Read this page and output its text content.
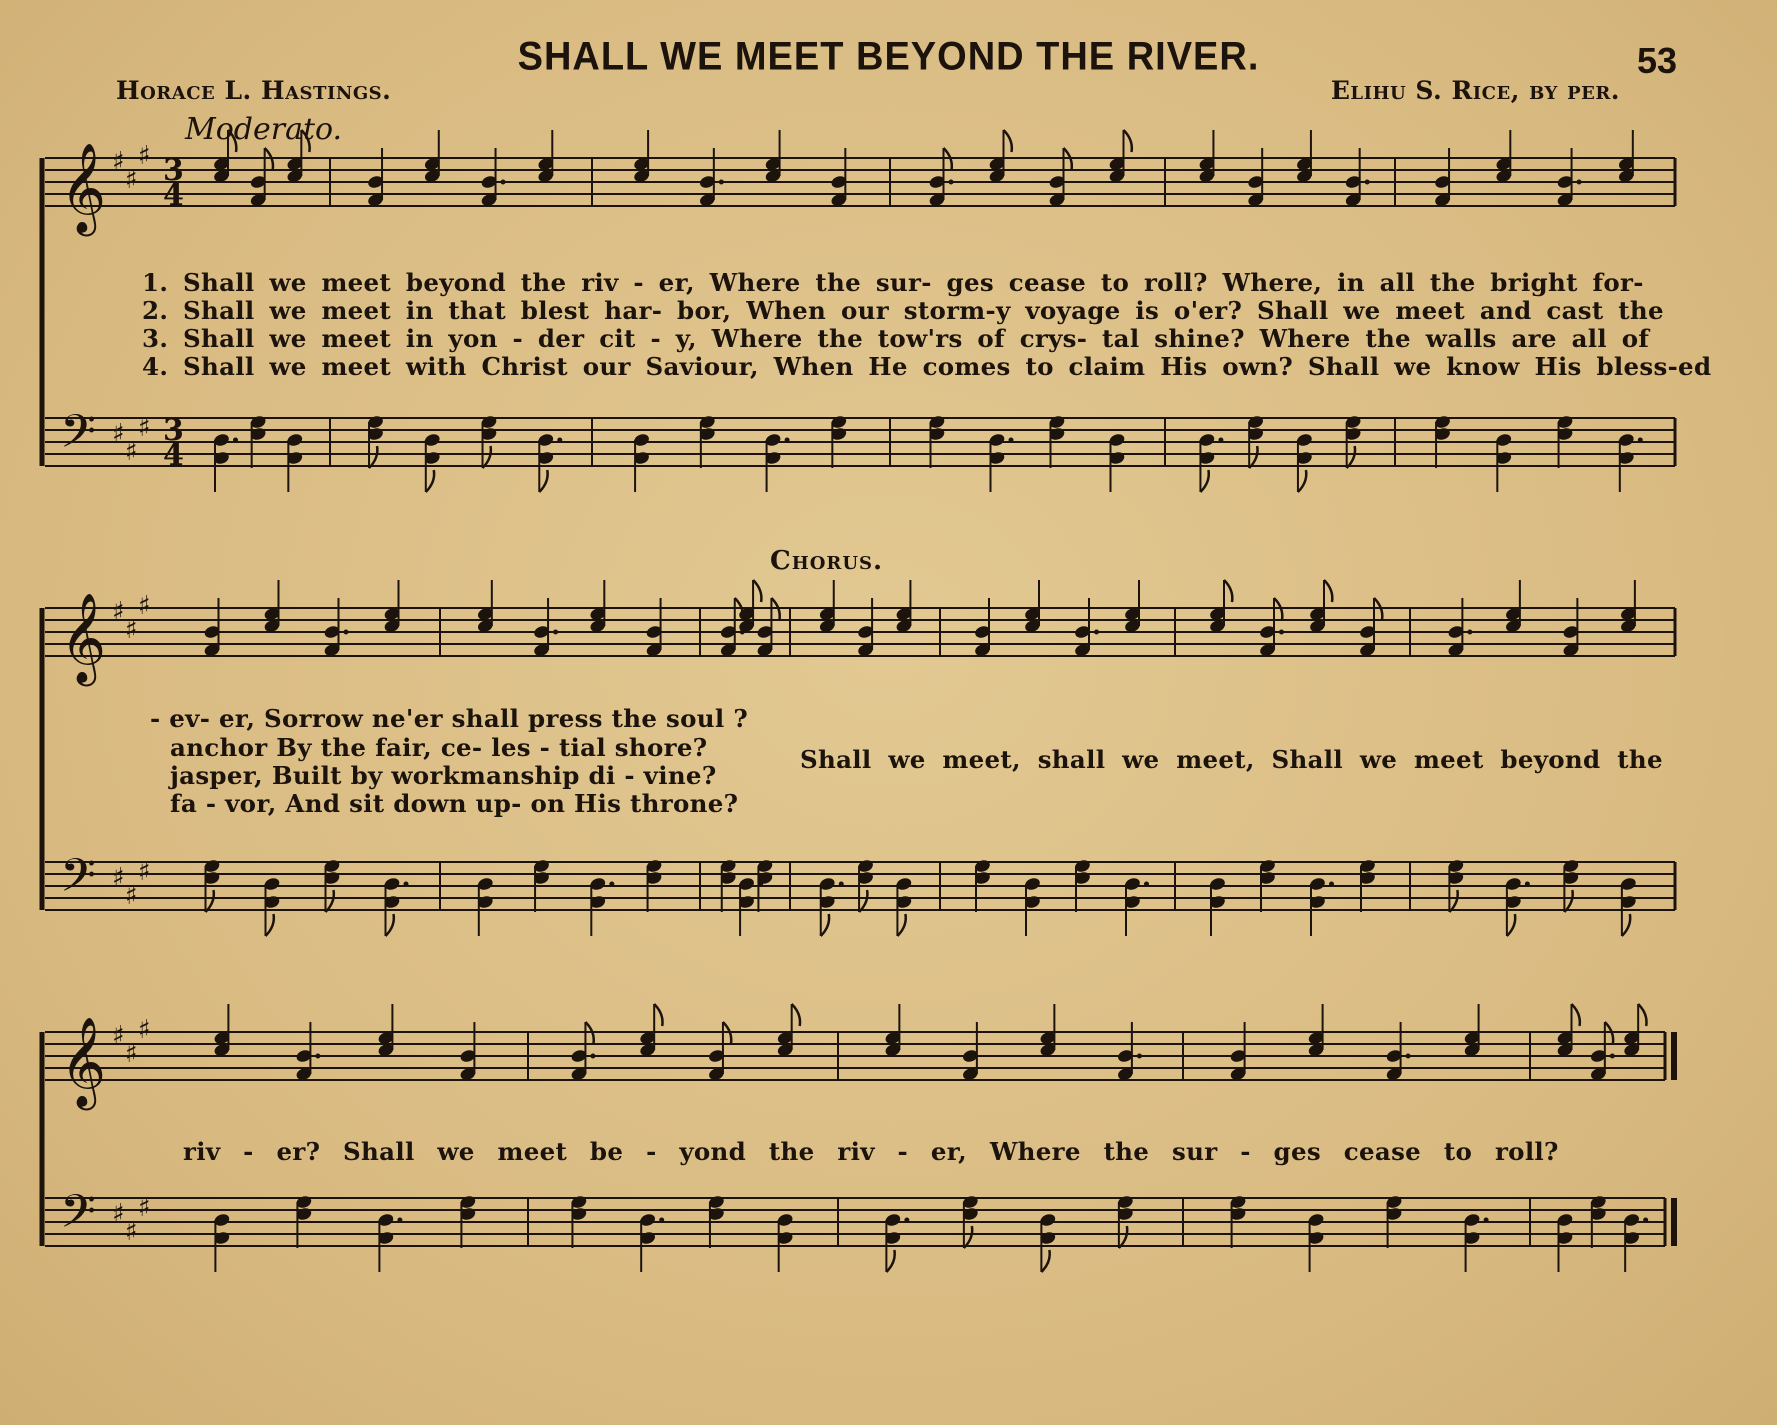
𝄞
𝄢
♯
♯
♯
♯
♯
♯
3
4
3
4
𝄞
𝄢
♯
♯
♯
♯
♯
♯
𝄞
𝄢
♯
♯
♯
♯
♯
♯
SHALL WE MEET BEYOND THE RIVER.	53
Horace L. Hastings.	Elihu S. Rice, by per.
Moderato.
1. Shall we meet beyond the riv - er, Where the sur- ges cease to roll? Where, in all the bright for-
2. Shall we meet in that blest har- bor, When our storm-y voyage is o'er? Shall we meet and cast the
3. Shall we meet in yon - der cit - y, Where the tow'rs of crys- tal shine? Where the walls are all of
4. Shall we meet with Christ our Saviour, When He comes to claim His own? Shall we know His bless-ed
Chorus.
- ev- er, Sorrow ne'er shall press the soul ?
anchor By the fair, ce- les - tial shore?
jasper, Built by workmanship di - vine?
fa - vor, And sit down up- on His throne?
Shall we meet, shall we meet, Shall we meet beyond the
riv - er? Shall we meet be - yond the riv - er, Where the sur - ges cease to roll?
